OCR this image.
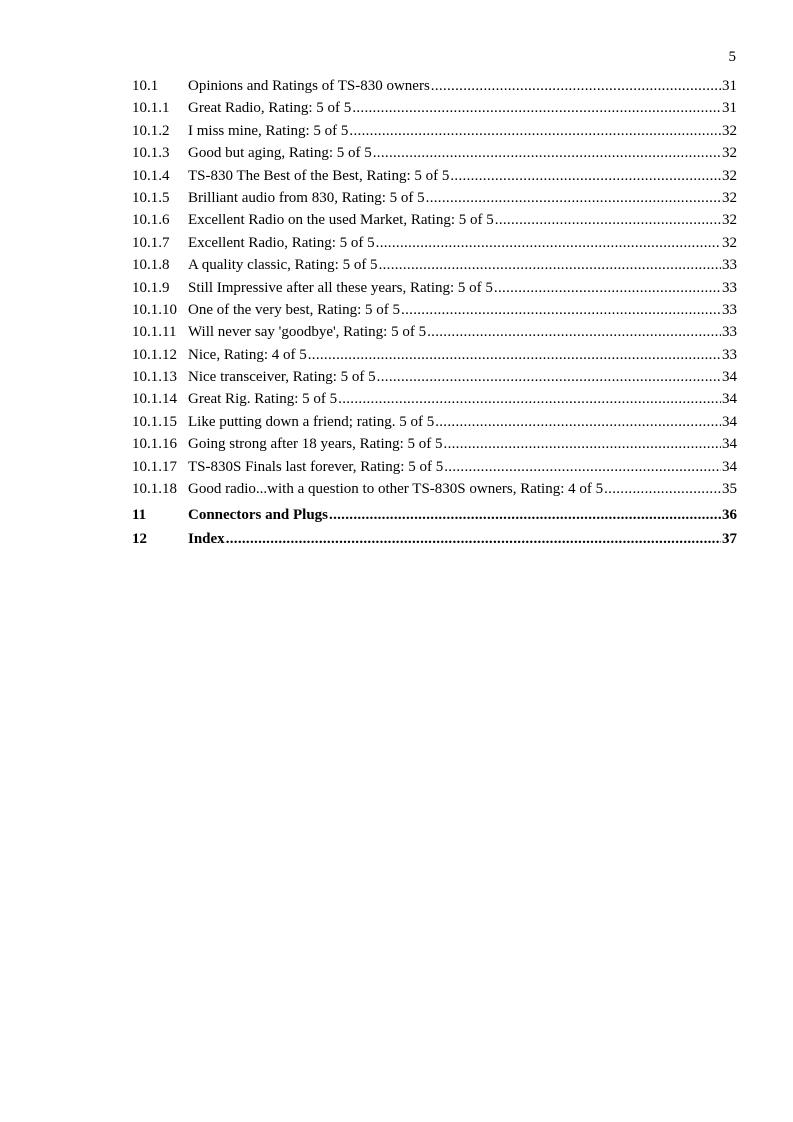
5
10.1	Opinions and Ratings of TS-830 owners .....	31
10.1.1	Great Radio, Rating: 5 of 5 .....	31
10.1.2	I miss mine, Rating: 5 of 5 .....	32
10.1.3	Good but aging, Rating: 5 of 5 .....	32
10.1.4	TS-830 The Best of the Best, Rating: 5 of 5 .....	32
10.1.5	Brilliant audio from 830, Rating: 5 of 5 .....	32
10.1.6	Excellent Radio on the used Market, Rating: 5 of 5 .....	32
10.1.7	Excellent Radio, Rating: 5 of 5 .....	32
10.1.8	A quality classic, Rating: 5 of 5 .....	33
10.1.9	Still Impressive after all these years, Rating: 5 of 5 .....	33
10.1.10 One of the very best, Rating: 5 of 5 .....	33
10.1.11 Will never say 'goodbye', Rating: 5 of 5 .....	33
10.1.12 Nice, Rating: 4 of 5 .....	33
10.1.13 Nice transceiver, Rating: 5 of 5 .....	34
10.1.14 Great Rig. Rating: 5 of 5 .....	34
10.1.15 Like putting down a friend; rating. 5 of 5 .....	34
10.1.16 Going strong after 18 years, Rating: 5 of 5 .....	34
10.1.17 TS-830S Finals last forever, Rating: 5 of 5 .....	34
10.1.18 Good radio...with a question to other TS-830S owners, Rating: 4 of 5 .....	35
11	Connectors and Plugs .....	36
12	Index .....	37
